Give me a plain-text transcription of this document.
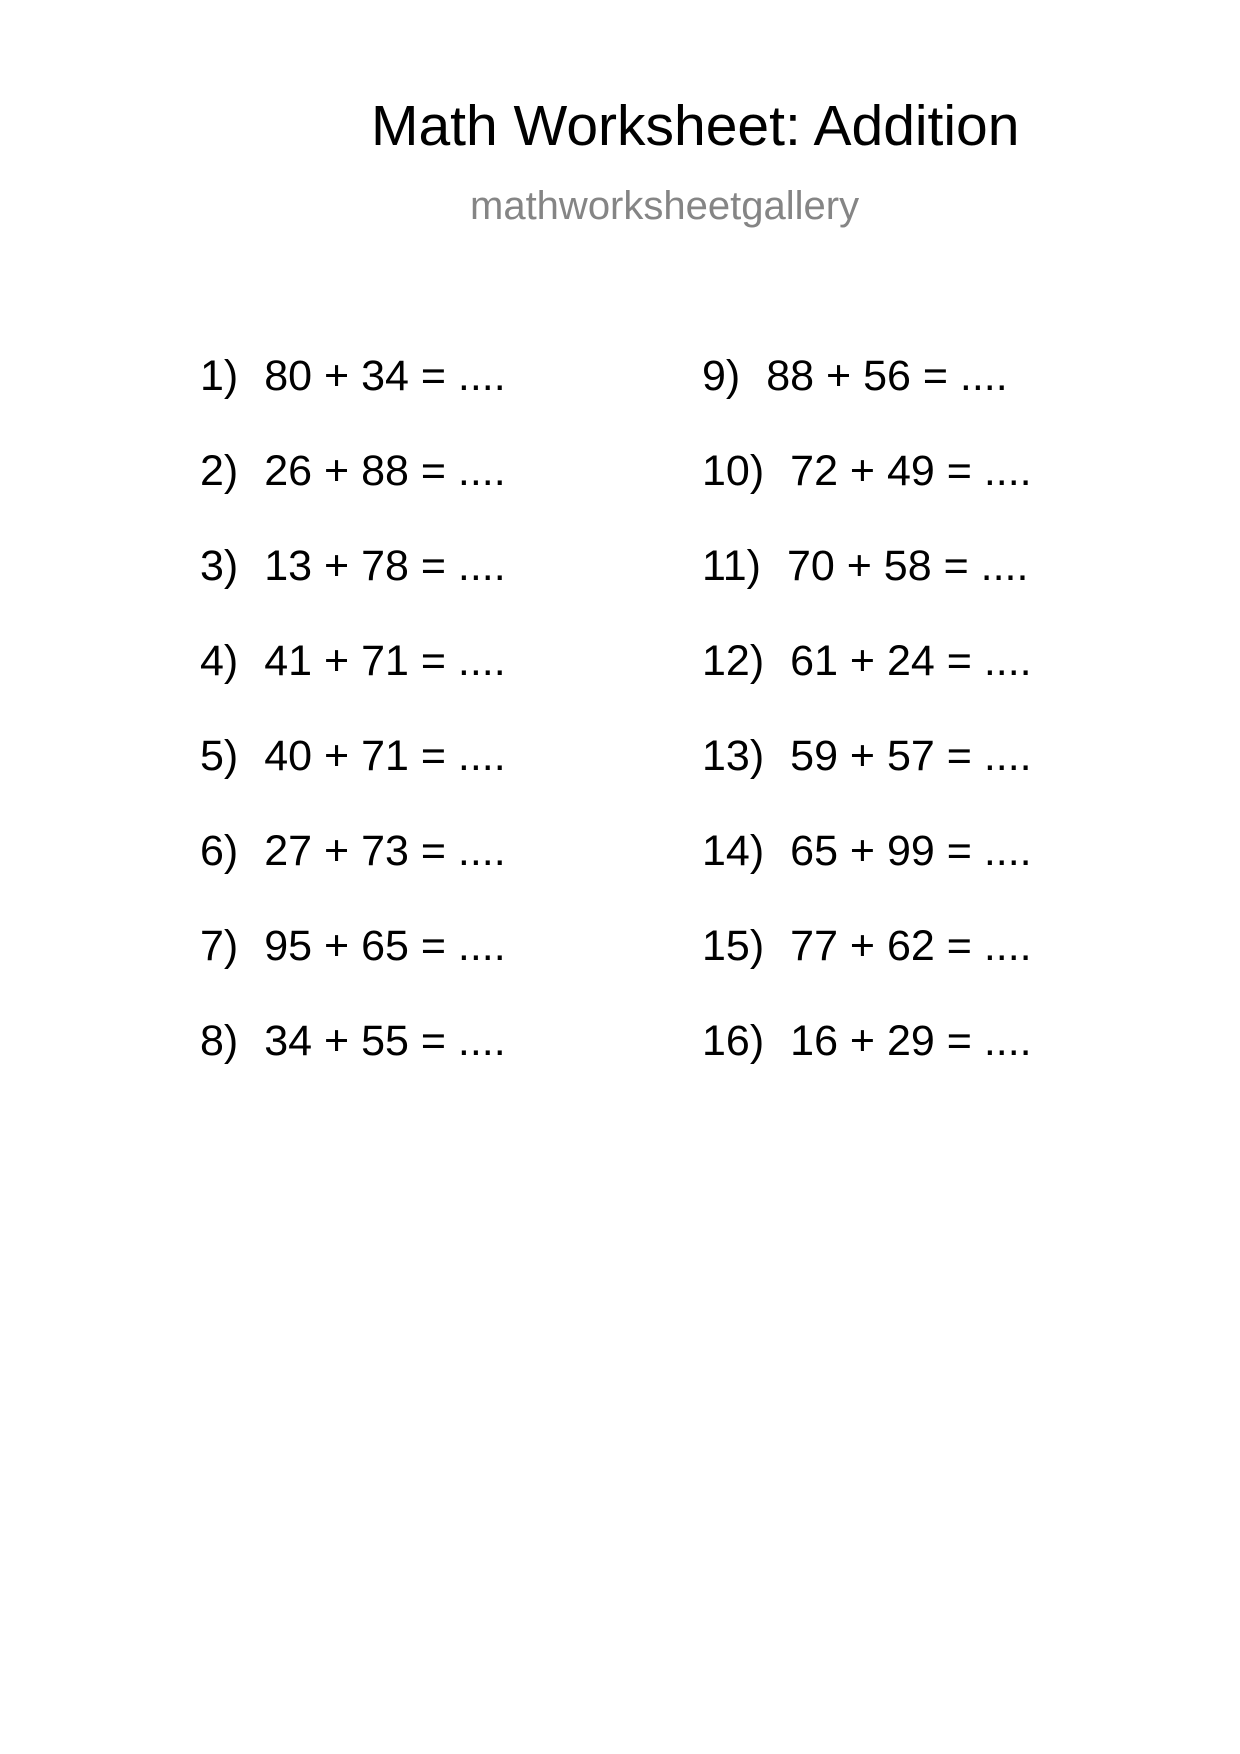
Math Worksheet: Addition
mathworksheetgallery
1) 80 + 34 = ....
2) 26 + 88 = ....
3) 13 + 78 = ....
4) 41 + 71 = ....
5) 40 + 71 = ....
6) 27 + 73 = ....
7) 95 + 65 = ....
8) 34 + 55 = ....
9) 88 + 56 = ....
10) 72 + 49 = ....
11) 70 + 58 = ....
12) 61 + 24 = ....
13) 59 + 57 = ....
14) 65 + 99 = ....
15) 77 + 62 = ....
16) 16 + 29 = ....
